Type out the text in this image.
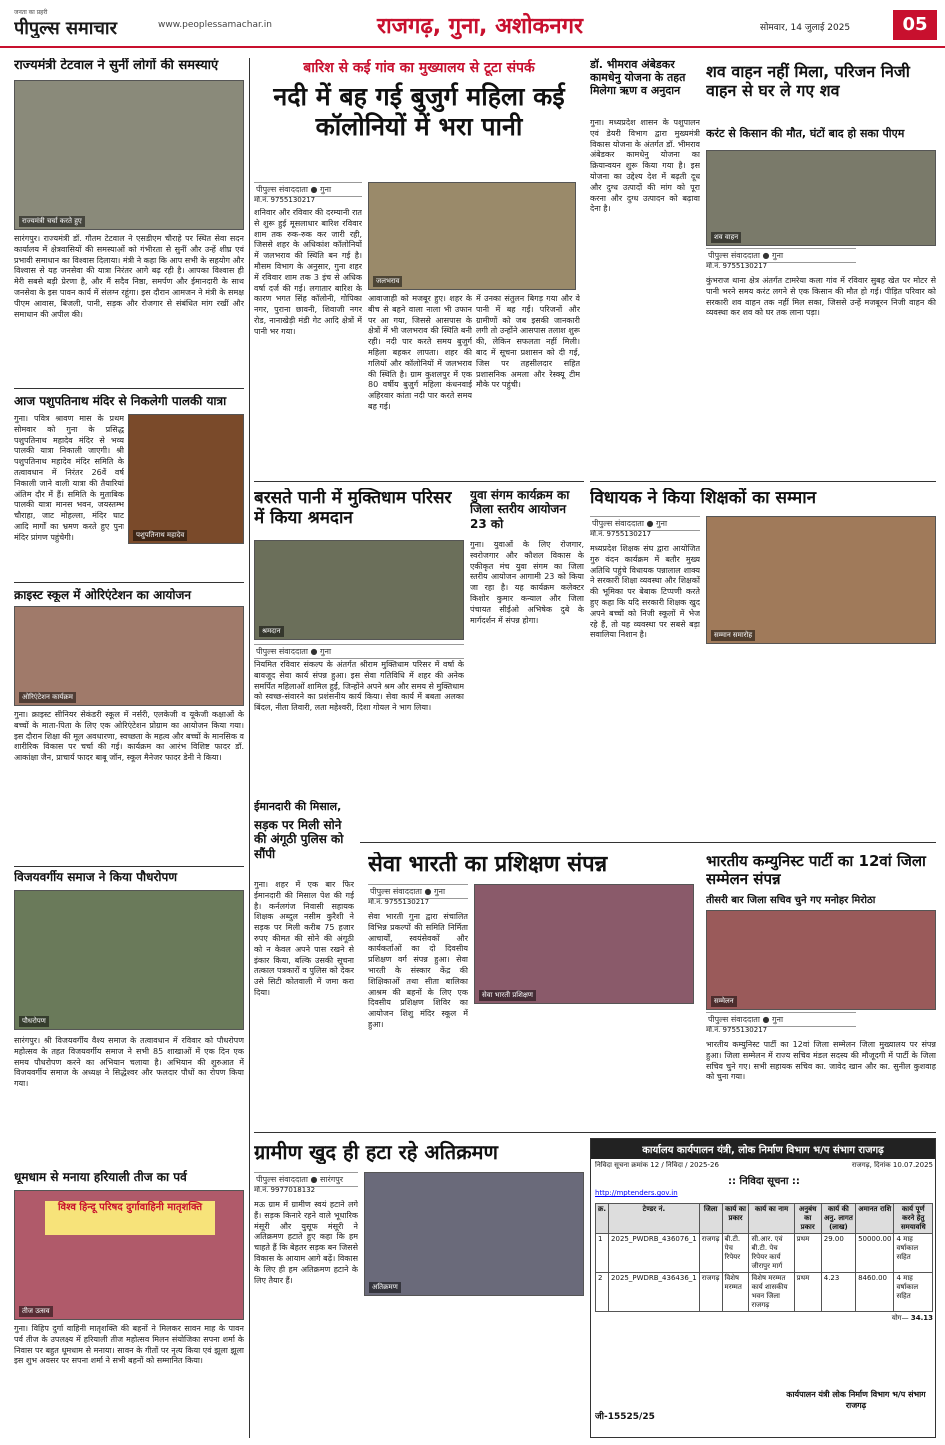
जनता का प्रहरी
पीपुल्स समाचार	www.peoplessamachar.in	राजगढ़, गुना, अशोकनगर	सोमवार, 14 जुलाई 2025	05
राज्यमंत्री टेटवाल ने सुनीं लोगों की समस्याएं
राज्यमंत्री चर्चा करते हुए
सारंगपुर। राज्यमंत्री डॉ. गौतम टेटवाल ने एसडीएम चौराहे पर स्थित सेवा सदन कार्यालय में क्षेत्रवासियों की समस्याओं को गंभीरता से सुनीं और उन्हें शीघ्र एवं प्रभावी समाधान का विश्वास दिलाया। मंत्री ने कहा कि आप सभी के सहयोग और विश्वास से यह जनसेवा की यात्रा निरंतर आगे बढ़ रही है। आपका विश्वास ही मेरी सबसे बड़ी प्रेरणा है, और मैं सदैव निष्ठा, समर्पण और ईमानदारी के साथ जनसेवा के इस पावन कार्य में संलग्न रहूंगा। इस दौरान आमजन ने मंत्री के समक्ष पीएम आवास, बिजली, पानी, सड़क और रोजगार से संबंधित मांग रखीं और समाधान की अपील की।
आज पशुपतिनाथ मंदिर से निकलेगी पालकी यात्रा
गुना। पवित्र श्रावण मास के प्रथम सोमवार को गुना के प्रसिद्ध पशुपतिनाथ महादेव मंदिर से भव्य पालकी यात्रा निकाली जाएगी। श्री पशुपतिनाथ महादेव मंदिर समिति के तत्वावधान में निरंतर 26वें वर्ष निकाली जाने वाली यात्रा की तैयारियां अंतिम दौर में हैं। समिति के मुताबिक पालकी यात्रा मानस भवन, जयस्तम्भ चौराहा, जाट मोहल्ला, मंदिर घाट आदि मार्गों का भ्रमण करते हुए पुनः मंदिर प्रांगण पहुंचेगी।	पशुपतिनाथ महादेव
क्राइस्ट स्कूल में ओरिएंटेशन का आयोजन
ओरिएंटेशन कार्यक्रम
गुना। क्राइस्ट सीनियर सेकंडरी स्कूल में नर्सरी, एलकेजी व यूकेजी कक्षाओं के बच्चों के माता-पिता के लिए एक ओरिएंटेशन प्रोग्राम का आयोजन किया गया। इस दौरान शिक्षा की मूल अवधारणा, स्वच्छता के महत्व और बच्चों के मानसिक व शारीरिक विकास पर चर्चा की गई। कार्यक्रम का आरंभ विशिष्ट फादर डॉ. आकांक्षा जैन, प्राचार्य फादर बाबू जॉन, स्कूल मैनेजर फादर डेनी ने किया।
विजयवर्गीय समाज ने किया पौधरोपण
पौधरोपण
सारंगपुर। श्री विजयवर्गीय वैश्य समाज के तत्वावधान में रविवार को पौधरोपण महोत्सव के तहत विजयवर्गीय समाज ने सभी 85 शाखाओं में एक दिन एक समय पौधरोपण करने का अभियान चलाया है। अभियान की शुरुआत में विजयवर्गीय समाज के अध्यक्ष ने सिद्धेश्वर और फलदार पौधों का रोपण किया गया।
धूमधाम से मनाया हरियाली तीज का पर्व
विश्व हिन्दू परिषद दुर्गावाहिनी मातृशक्ति
तीज उत्सव
गुना। विहिप दुर्गा वाहिनी मातृशक्ति की बहनों ने मिलकर सावन माह के पावन पर्व तीज के उपलक्ष्य में हरियाली तीज महोत्सव मिलन संयोजिका सपना शर्मा के निवास पर बहुत धूमधाम से मनाया। सावन के गीतों पर नृत्य किया एवं झूला झूला इस शुभ अवसर पर सपना शर्मा ने सभी बहनों को सम्मानित किया।
बारिश से कई गांव का मुख्यालय से टूटा संपर्क
नदी में बह गई बुजुर्ग महिला कई कॉलोनियों में भरा पानी
जलभराव
पीपुल्स संवाददाता ● गुना
मो.नं. 9755130217
शनिवार और रविवार की दरम्यानी रात से शुरू हुई मूसलाधार बारिश रविवार शाम तक रुक-रुक कर जारी रही, जिससे शहर के अधिकांश कॉलोनियों में जलभराव की स्थिति बन गई है। मौसम विभाग के अनुसार, गुना शहर में रविवार शाम तक 3 इंच से अधिक वर्षा दर्ज की गई। लगातार बारिश के कारण भगत सिंह कॉलोनी, गोपिका नगर, पुराना छावनी, शिवाजी नगर रोड, नानाखेड़ी मंडी गेट आदि क्षेत्रों में पानी भर गया।
आवाजाही को मजबूर हुए। शहर के बीच से बहने वाला नाला भी उफान पर आ गया, जिससे आसपास के क्षेत्रों में भी जलभराव की स्थिति बनी रही। नदी पार करते समय बुजुर्ग महिला बहकर लापता। शहर की गलियों और कॉलोनियों में जलभराव की स्थिति है। ग्राम कुशलपुर में एक 80 वर्षीय बुजुर्ग महिला कंधनवाई अहिरवार कांता नदी पार करते समय बह गई।
में उनका संतुलन बिगड़ गया और वे पानी में बह गईं। परिजनों और ग्रामीणों को जब इसकी जानकारी लगी तो उन्होंने आसपास तलाश शुरू की, लेकिन सफलता नहीं मिली। बाद में सूचना प्रशासन को दी गई, जिस पर तहसीलदार सहित प्रशासनिक अमला और रेस्क्यू टीम मौके पर पहुंची।
बरसते पानी में मुक्तिधाम परिसर में किया श्रमदान
श्रमदान
पीपुल्स संवाददाता ● गुना
नियमित रविवार संकल्प के अंतर्गत श्रीराम मुक्तिधाम परिसर में वर्षा के बावजूद सेवा कार्य संपन्न हुआ। इस सेवा गतिविधि में शहर की अनेक समर्पित महिलाओं शामिल हुईं, जिन्होंने अपने श्रम और समय से मुक्तिधाम को स्वच्छ-संवारने का प्रशंसनीय कार्य किया। सेवा कार्य में बबता अलका बिंदल, नीता तिवारी, लता महेश्वरी, दिशा गोयल ने भाग लिया।
ईमानदारी की मिसाल,
सड़क पर मिली सोने की अंगूठी पुलिस को सौंपी
गुना। शहर में एक बार फिर ईमानदारी की मिसाल पेश की गई है। कर्नलगंज निवासी सहायक शिक्षक अब्दुल नसीम कुरैशी ने सड़क पर मिली करीब 75 हजार रुपए कीमत की सोने की अंगूठी को न केवल अपने पास रखने से इंकार किया, बल्कि उसकी सूचना तत्काल पत्रकारों व पुलिस को देकर उसे सिटी कोतवाली में जमा करा दिया।
युवा संगम कार्यक्रम का जिला स्तरीय आयोजन 23 को
गुना। युवाओं के लिए रोजगार, स्वरोजगार और कौशल विकास के एकीकृत मंच युवा संगम का जिला स्तरीय आयोजन आगामी 23 को किया जा रहा है। यह कार्यक्रम कलेक्टर किशोर कुमार कन्याल और जिला पंचायत सीईओ अभिषेक दुबे के मार्गदर्शन में संपन्न होगा।
डॉ. भीमराव अंबेडकर कामधेनु योजना के तहत मिलेगा ऋण व अनुदान
गुना। मध्यप्रदेश शासन के पशुपालन एवं डेयरी विभाग द्वारा मुख्यमंत्री विकास योजना के अंतर्गत डॉ. भीमराव अंबेडकर कामधेनु योजना का क्रियान्वयन शुरू किया गया है। इस योजना का उद्देश्य देश में बढ़ती दूध और दुग्ध उत्पादों की मांग को पूरा करना और दुग्ध उत्पादन को बढ़ावा देना है।
शव वाहन नहीं मिला, परिजन निजी वाहन से घर ले गए शव
करंट से किसान की मौत, घंटों बाद हो सका पीएम
शव वाहन
पीपुल्स संवाददाता ● गुना
मो.नं. 9755130217
कुंभराज थाना क्षेत्र अंतर्गत टामरेया कला गांव में रविवार सुबह खेत पर मोटर से पानी भरने समय करंट लगने से एक किसान की मौत हो गई। पीड़ित परिवार को सरकारी शव वाहन तक नहीं मिल सका, जिससे उन्हें मजबूरन निजी वाहन की व्यवस्था कर शव को घर तक लाना पड़ा।
विधायक ने किया शिक्षकों का सम्मान
पीपुल्स संवाददाता ● गुना
मो.नं. 9755130217
मध्यप्रदेश शिक्षक संघ द्वारा आयोजित गुरु वंदन कार्यक्रम में बतौर मुख्य अतिथि पहुंचे विधायक पन्नालाल शाक्य ने सरकारी शिक्षा व्यवस्था और शिक्षकों की भूमिका पर बेबाक टिप्पणी करते हुए कहा कि यदि सरकारी शिक्षक खुद अपने बच्चों को निजी स्कूलों में भेज रहे हैं, तो यह व्यवस्था पर सबसे बड़ा सवालिया निशान है।	सम्मान समारोह
सेवा भारती का प्रशिक्षण संपन्न
पीपुल्स संवाददाता ● गुना
मो.नं. 9755130217
सेवा भारती गुना द्वारा संचालित विभिन्न प्रकल्पों की समिति निर्मिता आचार्यों, स्वयंसेवकों और कार्यकर्ताओं का दो दिवसीय प्रशिक्षण वर्ग संपन्न हुआ। सेवा भारती के संस्कार केंद्र की शिक्षिकाओं तथा सीता बालिका आश्रम की बहनों के लिए एक दिवसीय प्रशिक्षण शिविर का आयोजन शिशु मंदिर स्कूल में हुआ।
सेवा भारती प्रशिक्षण
भारतीय कम्युनिस्ट पार्टी का 12वां जिला सम्मेलन संपन्न
तीसरी बार जिला सचिव चुने गए मनोहर मिरोठा
सम्मेलन
पीपुल्स संवाददाता ● गुना
मो.नं. 9755130217
भारतीय कम्युनिस्ट पार्टी का 12वां जिला सम्मेलन जिला मुख्यालय पर संपन्न हुआ। जिला सम्मेलन में राज्य सचिव मंडल सदस्य की मौजूदगी में पार्टी के जिला सचिव चुने गए। सभी सहायक सचिव का. जावेद खान और का. सुनील कुशवाह को चुना गया।
ग्रामीण खुद ही हटा रहे अतिक्रमण
पीपुल्स संवाददाता ● सारंगपुर
मो.नं. 9977018132
मऊ ग्राम में ग्रामीण स्वयं हटाने लगे हैं। सड़क किनारे रहने वाले भूधारिक मंसूरी और युसूफ मंसूरी ने अतिक्रमण हटाते हुए कहा कि हम चाहते हैं कि बेहतर सड़क बन जिससे विकास के आयाम आगे बढ़ें। विकास के लिए ही हम अतिक्रमण हटाने के लिए तैयार हैं।
अतिक्रमण
कार्यालय कार्यपालन यंत्री, लोक निर्माण विभाग भ/प संभाग राजगढ़
निविदा सूचना क्रमांक 12 / निविदा / 2025-26	राजगढ़, दिनांक 10.07.2025
:: निविदा सूचना ::
http://mptenders.gov.in
क्र.	टेण्डर नं.	जिला	कार्य का प्रकार	कार्य का नाम	अनुबंध का प्रकार	कार्य की अनु. लागत (लाख)	अमानत राशि	कार्य पूर्ण करने हेतु समयावधि
1	2025_PWDRB_436076_1	राजगढ़	बी.टी. पेच रिपेयर	सी.आर. एवं बी.टी. पेच रिपेयर कार्य जीरापुर मार्ग	प्रथम	29.00	50000.00	4 माह वर्षाकाल सहित
2	2025_PWDRB_436436_1	राजगढ़	विशेष मरम्मत	विशेष मरम्मत कार्य शासकीय भवन जिला राजगढ़	प्रथम	4.23	8460.00	4 माह वर्षाकाल सहित
योग— 34.13
जी-15525/25
कार्यपालन यंत्री लोक निर्माण विभाग भ/प संभाग राजगढ़
